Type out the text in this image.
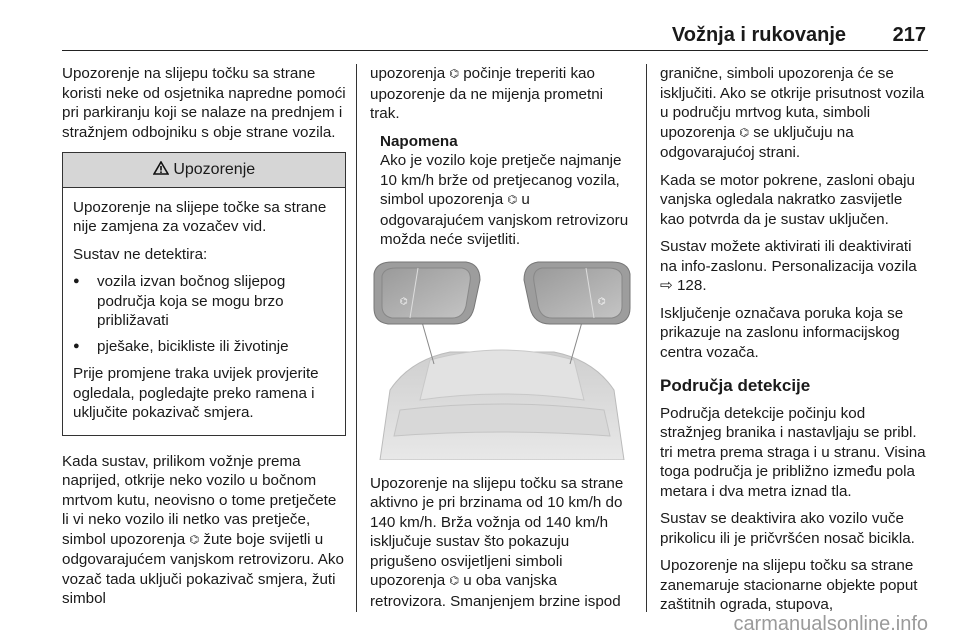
Vožnja i rukovanje 217

Upozorenje na slijepu točku sa strane koristi neke od osjetnika napredne pomoći pri parkiranju koji se nalaze na prednjem i stražnjem odbojniku s obje strane vozila.

Upozorenje

Upozorenje na slijepe točke sa strane nije zamjena za vozačev vid.

Sustav ne detektira:

● vozila izvan bočnog slijepog područja koja se mogu brzo približavati
● pješake, bicikliste ili životinje

Prije promjene traka uvijek provjerite ogledala, pogledajte preko ramena i uključite pokazivač smjera.

Kada sustav, prilikom vožnje prema naprijed, otkrije neko vozilo u bočnom mrtvom kutu, neovisno o tome pretječete li vi neko vozilo ili netko vas pretječe, simbol upozorenja ⌬ žute boje svijetli u odgovarajućem vanjskom retrovizoru. Ako vozač tada uključi pokazivač smjera, žuti simbol

upozorenja ⌬ počinje treperiti kao upozorenje da ne mijenja prometni trak.

Napomena
Ako je vozilo koje pretječe najmanje 10 km/h brže od pretjecanog vozila, simbol upozorenja ⌬ u odgovarajućem vanjskom retrovizoru možda neće svijetliti.
⌬	⌬

Upozorenje na slijepu točku sa strane aktivno je pri brzinama od 10 km/h do 140 km/h. Brža vožnja od 140 km/h isključuje sustav što pokazuju prigušeno osvijetljeni simboli upozorenja ⌬ u oba vanjska retrovizora. Smanjenjem brzine ispod

granične, simboli upozorenja će se isključiti. Ako se otkrije prisutnost vozila u području mrtvog kuta, simboli upozorenja ⌬ se uključuju na odgovarajućoj strani.

Kada se motor pokrene, zasloni obaju vanjska ogledala nakratko zasvijetle kao potvrda da je sustav uključen.

Sustav možete aktivirati ili deaktivirati na info-zaslonu. Personalizacija vozila ⇨ 128.

Isključenje označava poruka koja se prikazuje na zaslonu informacijskog centra vozača.

Područja detekcije

Područja detekcije počinju kod stražnjeg branika i nastavljaju se pribl. tri metra prema straga i u stranu. Visina toga područja je približno između pola metara i dva metra iznad tla.

Sustav se deaktivira ako vozilo vuče prikolicu ili je pričvršćen nosač bicikla.

Upozorenje na slijepu točku sa strane zanemaruje stacionarne objekte poput zaštitnih ograda, stupova,

carmanualsonline.info
